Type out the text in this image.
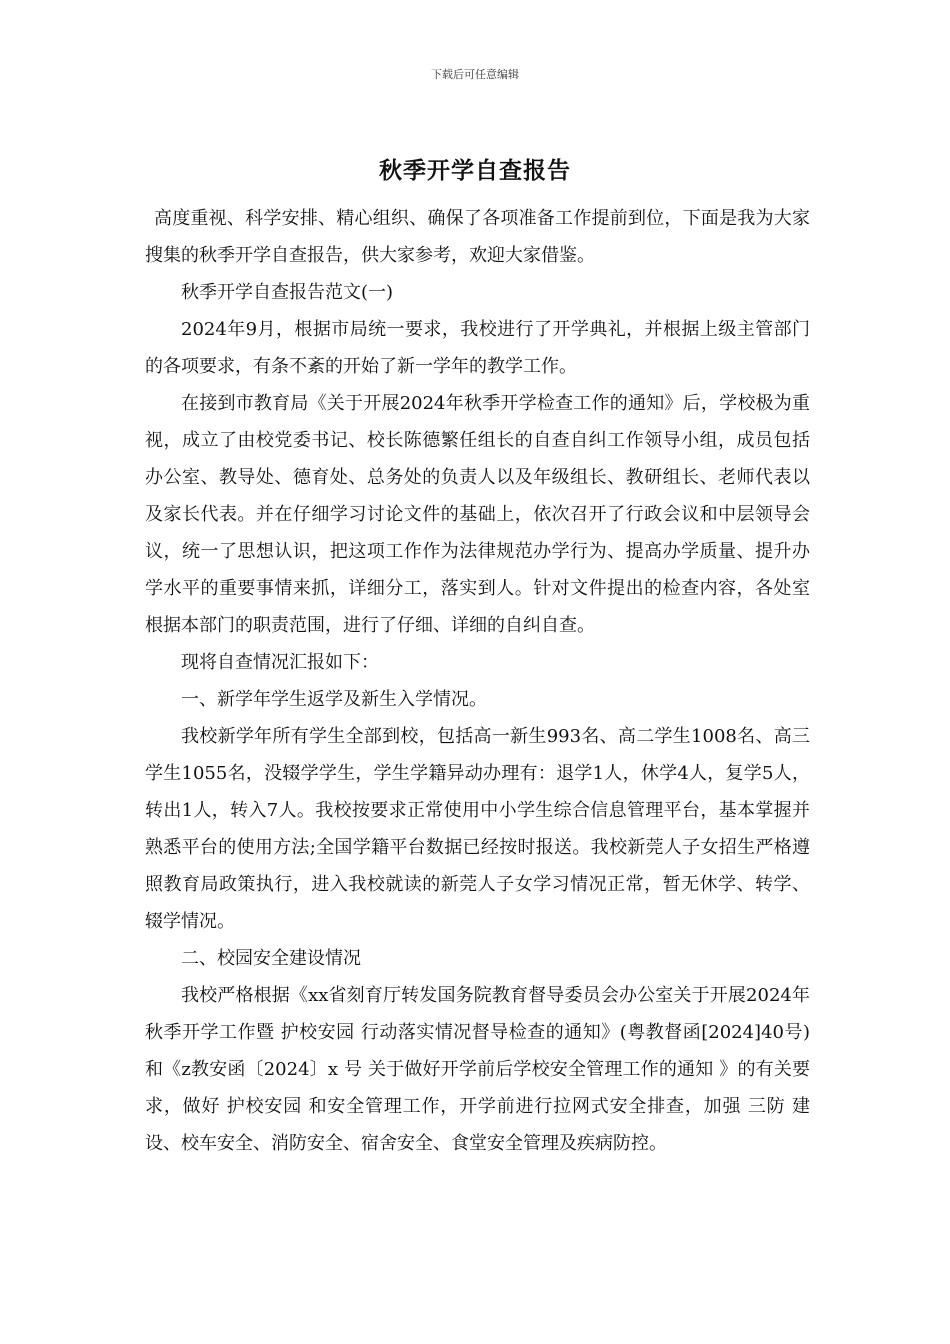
下载后可任意编辑
秋季开学自查报告

高度重视、科学安排、精心组织、确保了各项准备工作提前到位，下面是我为大家搜集的秋季开学自查报告，供大家参考，欢迎大家借鉴。

秋季开学自查报告范文(一)

2024年9月，根据市局统一要求，我校进行了开学典礼，并根据上级主管部门的各项要求，有条不紊的开始了新一学年的教学工作。

在接到市教育局《关于开展2024年秋季开学检查工作的通知》后，学校极为重视，成立了由校党委书记、校长陈德繁任组长的自查自纠工作领导小组，成员包括办公室、教导处、德育处、总务处的负责人以及年级组长、教研组长、老师代表以及家长代表。并在仔细学习讨论文件的基础上，依次召开了行政会议和中层领导会议，统一了思想认识，把这项工作作为法律规范办学行为、提高办学质量、提升办学水平的重要事情来抓，详细分工，落实到人。针对文件提出的检查内容，各处室根据本部门的职责范围，进行了仔细、详细的自纠自查。

现将自查情况汇报如下：

一、新学年学生返学及新生入学情况。

我校新学年所有学生全部到校，包括高一新生993名、高二学生1008名、高三学生1055名，没辍学学生，学生学籍异动办理有：退学1人，休学4人，复学5人，转出1人，转入7人。我校按要求正常使用中小学生综合信息管理平台，基本掌握并熟悉平台的使用方法;全国学籍平台数据已经按时报送。我校新莞人子女招生严格遵照教育局政策执行，进入我校就读的新莞人子女学习情况正常，暂无休学、转学、辍学情况。

二、校园安全建设情况

我校严格根据《xx省刻育厅转发国务院教育督导委员会办公室关于开展2024年秋季开学工作暨 护校安园 行动落实情况督导检查的通知》(粤教督函[2024]40号)和《z教安函〔2024〕x 号 关于做好开学前后学校安全管理工作的通知 》的有关要求，做好 护校安园 和安全管理工作，开学前进行拉网式安全排查，加强 三防 建设、校车安全、消防安全、宿舍安全、食堂安全管理及疾病防控。
